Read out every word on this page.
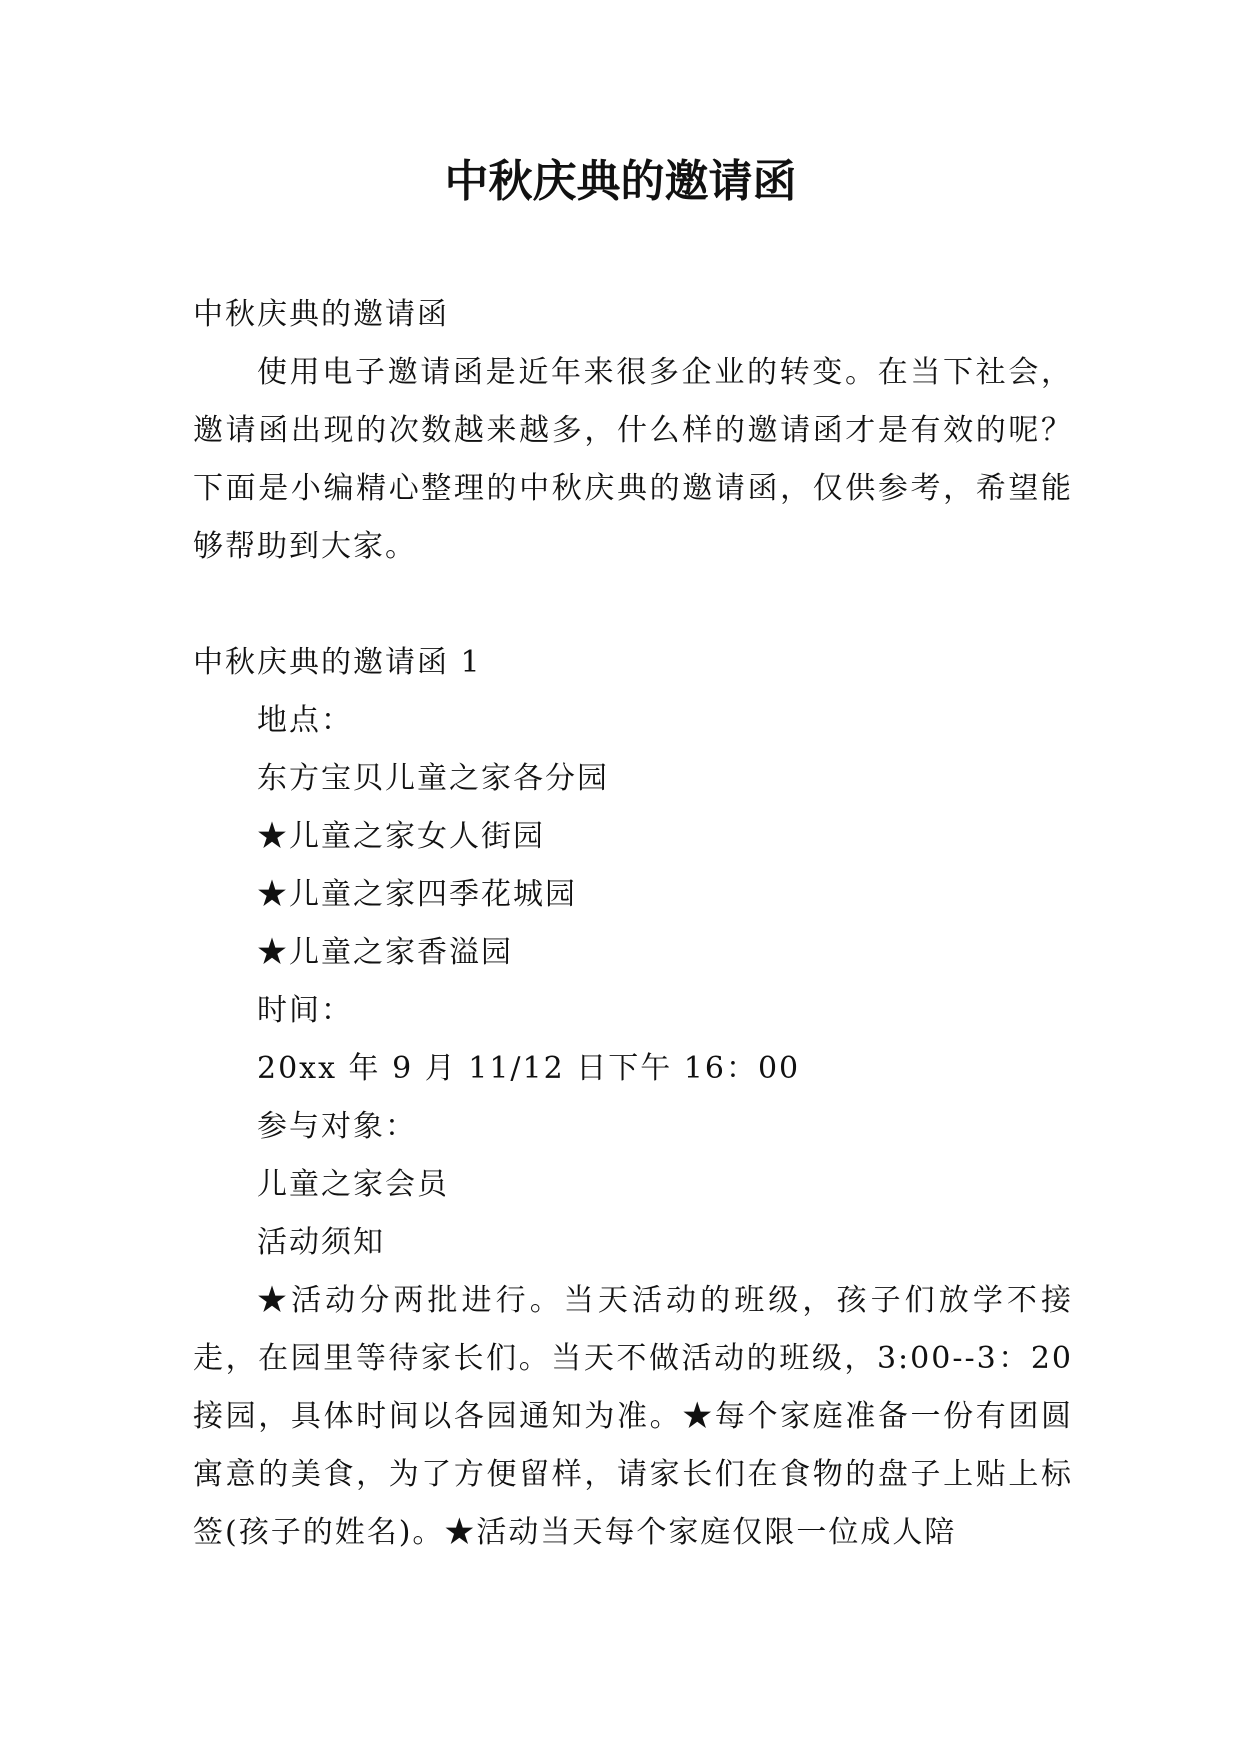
中秋庆典的邀请函

中秋庆典的邀请函

使用电子邀请函是近年来很多企业的转变。在当下社会，邀请函出现的次数越来越多，什么样的邀请函才是有效的呢？下面是小编精心整理的中秋庆典的邀请函，仅供参考，希望能够帮助到大家。

中秋庆典的邀请函 1

地点：

东方宝贝儿童之家各分园

★儿童之家女人街园

★儿童之家四季花城园

★儿童之家香溢园

时间：

20xx 年 9 月 11/12 日下午 16：00

参与对象：

儿童之家会员

活动须知

★活动分两批进行。当天活动的班级，孩子们放学不接走，在园里等待家长们。当天不做活动的班级，3:00--3：20 接园，具体时间以各园通知为准。★每个家庭准备一份有团圆寓意的美食，为了方便留样，请家长们在食物的盘子上贴上标签(孩子的姓名)。★活动当天每个家庭仅限一位成人陪
